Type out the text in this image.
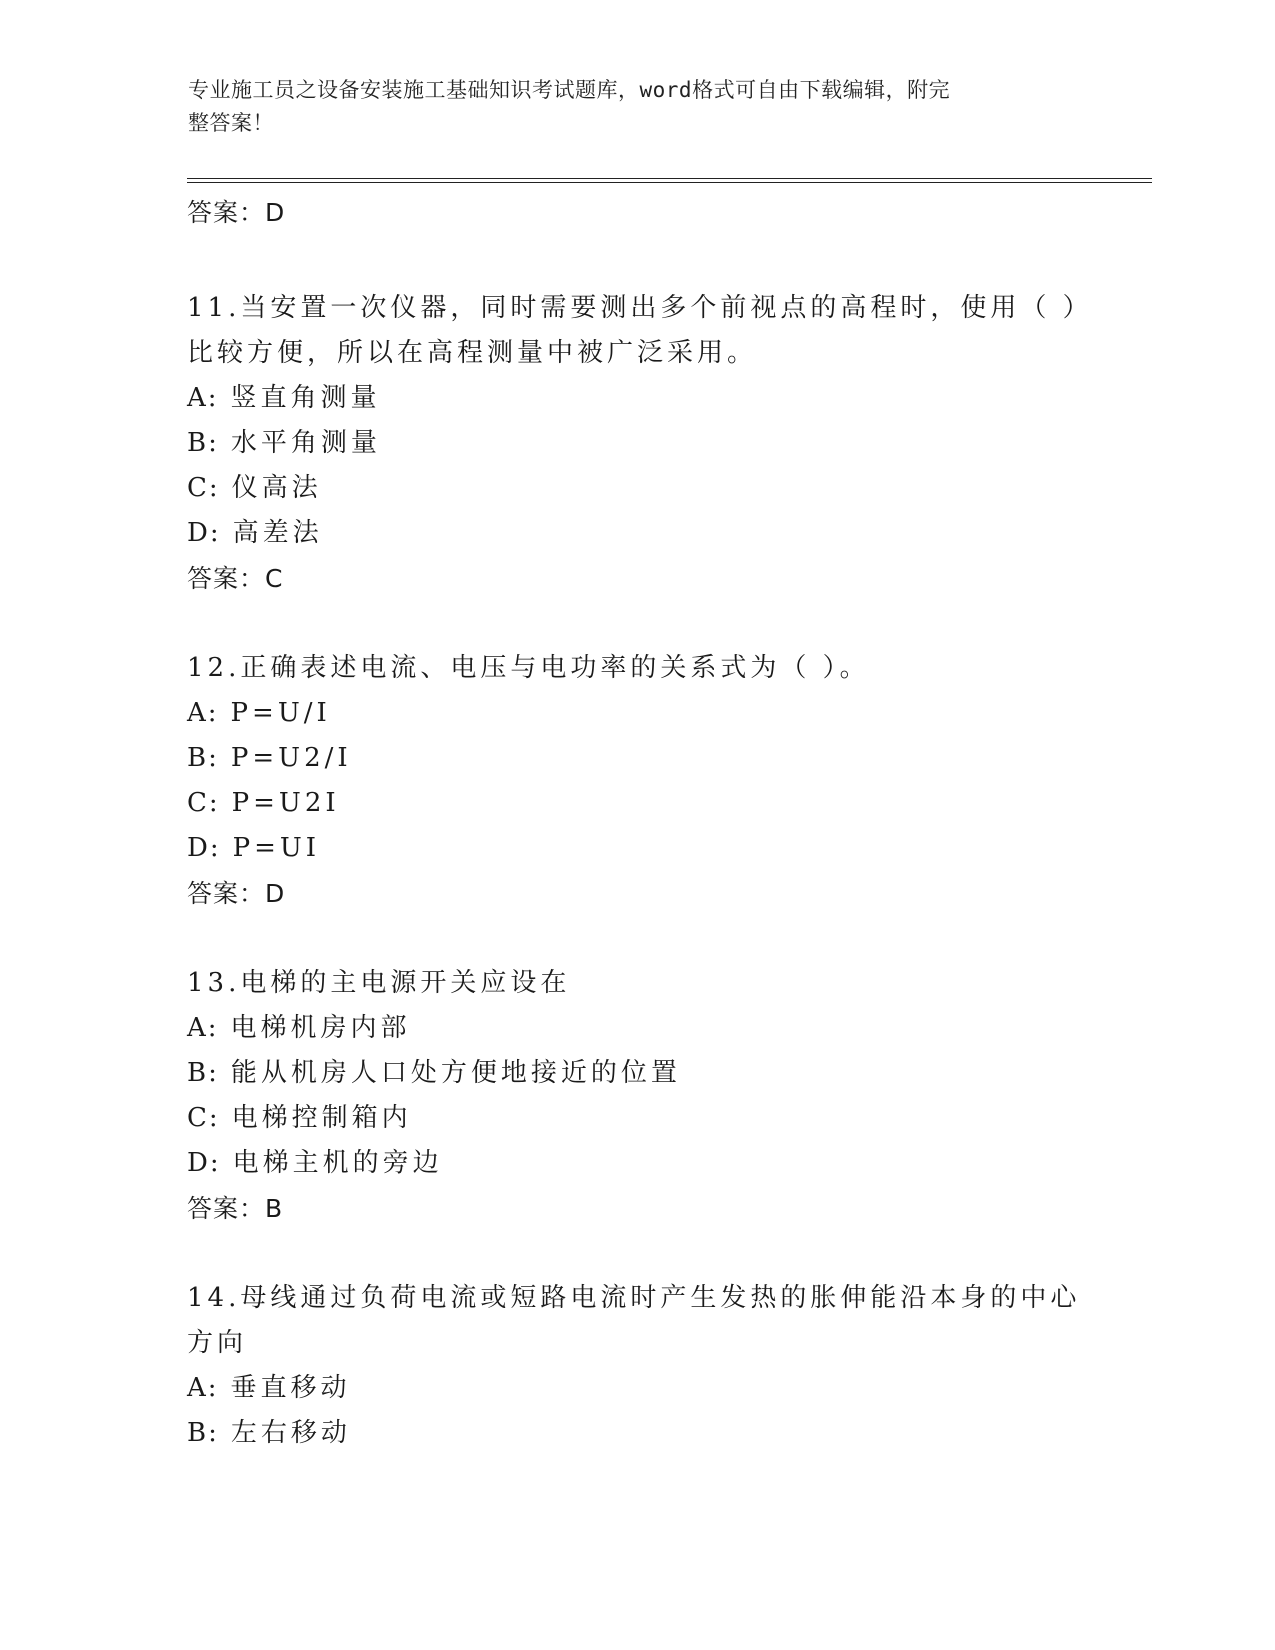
专业施工员之设备安装施工基础知识考试题库，word格式可自由下载编辑，附完
整答案！
答案：D
11.当安置一次仪器，同时需要测出多个前视点的高程时，使用（ ）比较方便，所以在高程测量中被广泛采用。
A: 竖直角测量
B: 水平角测量
C: 仪高法
D: 高差法
答案：C
12.正确表述电流、电压与电功率的关系式为（ ）。
A: P=U/I
B: P=U2/I
C: P=U2I
D: P=UI
答案：D
13.电梯的主电源开关应设在
A: 电梯机房内部
B: 能从机房人口处方便地接近的位置
C: 电梯控制箱内
D: 电梯主机的旁边
答案：B
14.母线通过负荷电流或短路电流时产生发热的胀伸能沿本身的中心方向
A: 垂直移动
B: 左右移动
